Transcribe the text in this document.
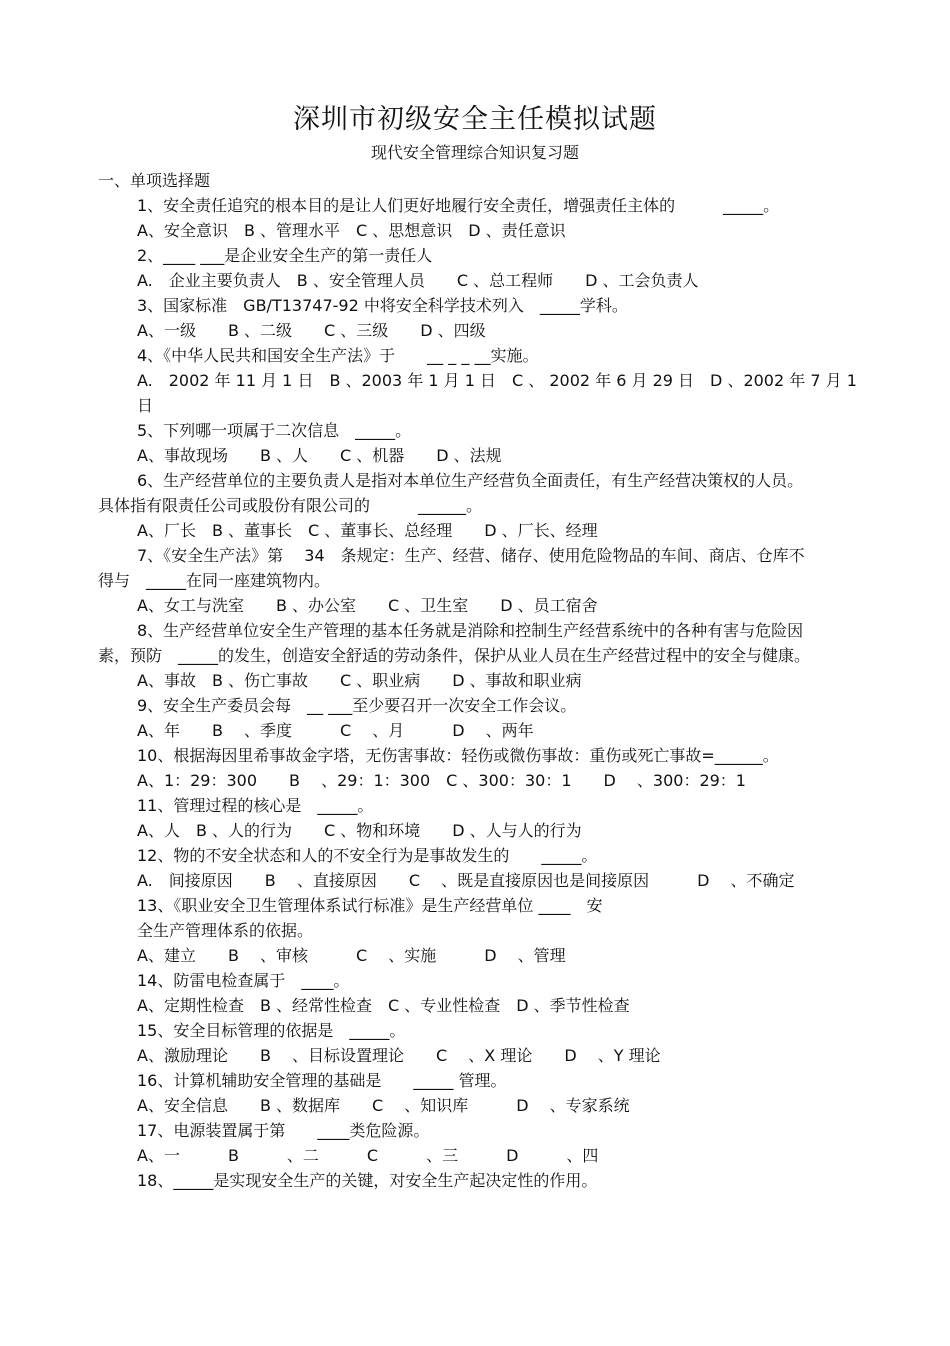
深圳市初级安全主任模拟试题
现代安全管理综合知识复习题
一、单项选择题

1、安全责任追究的根本目的是让人们更好地履行安全责任，增强责任主体的　　　_____。

A、安全意识　B 、管理水平　C 、思想意识　D 、责任意识

2、____ ___是企业安全生产的第一责任人

A.　企业主要负责人　B 、安全管理人员　　C 、总工程师　　D 、工会负责人

3、国家标准　GB/T13747-92 中将安全科学技术列入　_____学科。

A、一级　　B 、二级　　C 、三级　　D 、四级

4、《中华人民共和国安全生产法》于　　__ _ _ __实施。

A.　2002 年 11 月 1 日　B 、2003 年 1 月 1 日　C 、 2002 年 6 月 29 日　D 、2002 年 7 月 1 日

5、下列哪一项属于二次信息　_____。

A、事故现场　　B 、人　　C 、机器　　D 、法规

6、生产经营单位的主要负责人是指对本单位生产经营负全面责任，有生产经营决策权的人员。具体指有限责任公司或股份有限公司的　　　______。

A、厂长　B 、董事长　C 、董事长、总经理　　D 、厂长、经理

7、《安全生产法》第　 34　条规定：生产、经营、储存、使用危险物品的车间、商店、仓库不得与　_____在同一座建筑物内。

A、女工与洗室　　B 、办公室　　C 、卫生室　　D 、员工宿舍

8、生产经营单位安全生产管理的基本任务就是消除和控制生产经营系统中的各种有害与危险因素，预防　_____的发生，创造安全舒适的劳动条件，保护从业人员在生产经营过程中的安全与健康。

A、事故　B 、伤亡事故　　C 、职业病　　D 、事故和职业病

9、安全生产委员会每　__ ___至少要召开一次安全工作会议。

A、年　　B　 、季度　　　C　 、月　　　D　 、两年

10、根据海因里希事故金字塔，无伤害事故：轻伤或微伤事故：重伤或死亡事故=______。

A、1：29：300　　B　 、29：1：300　C 、300：30：1　　D　 、300：29：1

11、管理过程的核心是　_____。

A、人　B 、人的行为　　C 、物和环境　　D 、人与人的行为

12、物的不安全状态和人的不安全行为是事故发生的　　_____。

A.　间接原因　　B　 、直接原因　　C　 、既是直接原因也是间接原因　　　D　 、不确定

13、《职业安全卫生管理体系试行标准》是生产经营单位 ____　安全生产管理体系的依据。

A、建立　　B　 、审核　　　C　 、实施　　　D　 、管理

14、防雷电检查属于　____。

A、定期性检查　B 、经常性检查　C 、专业性检查　D 、季节性检查

15、安全目标管理的依据是　_____。

A、激励理论　　B　 、目标设置理论　　C　 、X 理论　　D　 、Y 理论

16、计算机辅助安全管理的基础是　　_____ 管理。

A、安全信息　　B 、数据库　　C　 、知识库　　　D　 、专家系统

17、电源装置属于第　　____类危险源。

A、一　　　B　　　、二　　　C　　　、三　　　D　　　、四

18、_____是实现安全生产的关键，对安全生产起决定性的作用。
